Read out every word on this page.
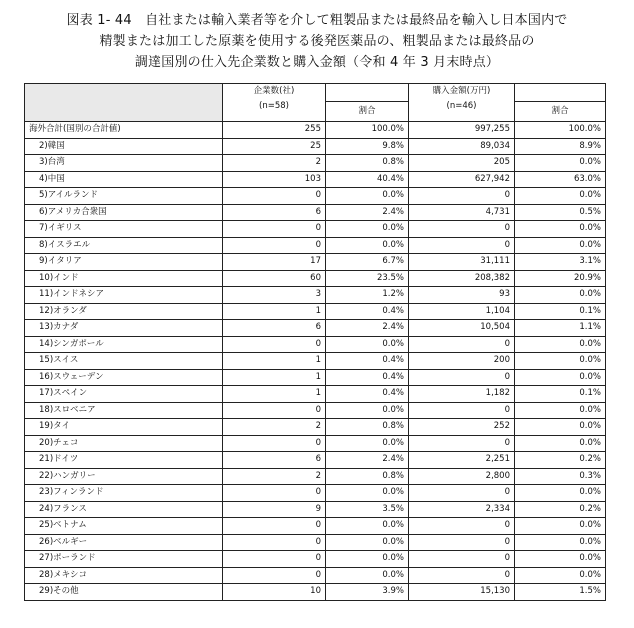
図表 1- 44　自社または輸入業者等を介して粗製品または最終品を輸入し日本国内で
精製または加工した原薬を使用する後発医薬品の、粗製品または最終品の
調達国別の仕入先企業数と購入金額（令和 4 年 3 月末時点）

	企業数(社)
(n=58)		購入金額(万円)
(n=46)	

		割合		割合
海外合計(国別の合計値)	255	100.0%	997,255	100.0%
2)韓国	25	9.8%	89,034	8.9%
3)台湾	2	0.8%	205	0.0%
4)中国	103	40.4%	627,942	63.0%
5)アイルランド	0	0.0%	0	0.0%
6)アメリカ合衆国	6	2.4%	4,731	0.5%
7)イギリス	0	0.0%	0	0.0%
8)イスラエル	0	0.0%	0	0.0%
9)イタリア	17	6.7%	31,111	3.1%
10)インド	60	23.5%	208,382	20.9%
11)インドネシア	3	1.2%	93	0.0%
12)オランダ	1	0.4%	1,104	0.1%
13)カナダ	6	2.4%	10,504	1.1%
14)シンガポール	0	0.0%	0	0.0%
15)スイス	1	0.4%	200	0.0%
16)スウェーデン	1	0.4%	0	0.0%
17)スペイン	1	0.4%	1,182	0.1%
18)スロベニア	0	0.0%	0	0.0%
19)タイ	2	0.8%	252	0.0%
20)チェコ	0	0.0%	0	0.0%
21)ドイツ	6	2.4%	2,251	0.2%
22)ハンガリー	2	0.8%	2,800	0.3%
23)フィンランド	0	0.0%	0	0.0%
24)フランス	9	3.5%	2,334	0.2%
25)ベトナム	0	0.0%	0	0.0%
26)ベルギー	0	0.0%	0	0.0%
27)ポーランド	0	0.0%	0	0.0%
28)メキシコ	0	0.0%	0	0.0%
29)その他	10	3.9%	15,130	1.5%
